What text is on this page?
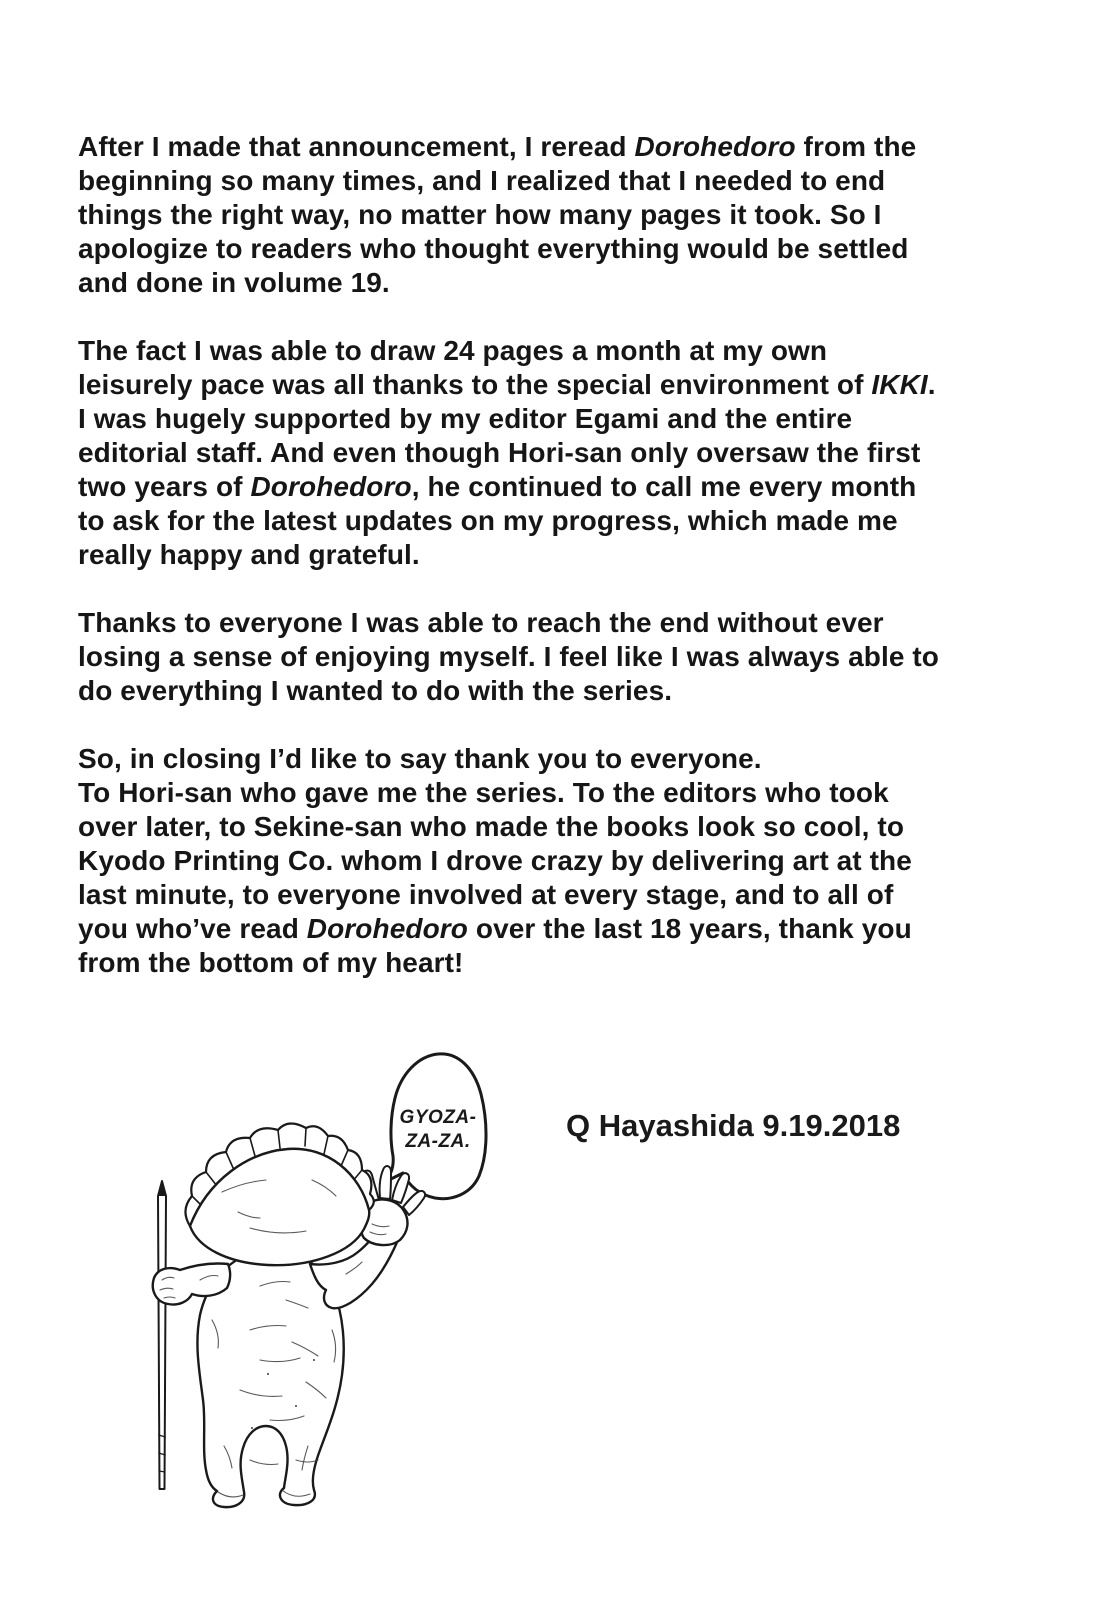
After I made that announcement, I reread Dorohedoro from the
beginning so many times, and I realized that I needed to end
things the right way, no matter how many pages it took. So I
apologize to readers who thought everything would be settled
and done in volume 19.

The fact I was able to draw 24 pages a month at my own
leisurely pace was all thanks to the special environment of IKKI.
I was hugely supported by my editor Egami and the entire
editorial staff. And even though Hori-san only oversaw the first
two years of Dorohedoro, he continued to call me every month
to ask for the latest updates on my progress, which made me
really happy and grateful.

Thanks to everyone I was able to reach the end without ever
losing a sense of enjoying myself. I feel like I was always able to
do everything I wanted to do with the series.

So, in closing I’d like to say thank you to everyone.
To Hori-san who gave me the series. To the editors who took
over later, to Sekine-san who made the books look so cool, to
Kyodo Printing Co. whom I drove crazy by delivering art at the
last minute, to everyone involved at every stage, and to all of
you who’ve read Dorohedoro over the last 18 years, thank you
from the bottom of my heart!

GYOZA-
ZA-ZA.	Q Hayashida 9.19.2018
